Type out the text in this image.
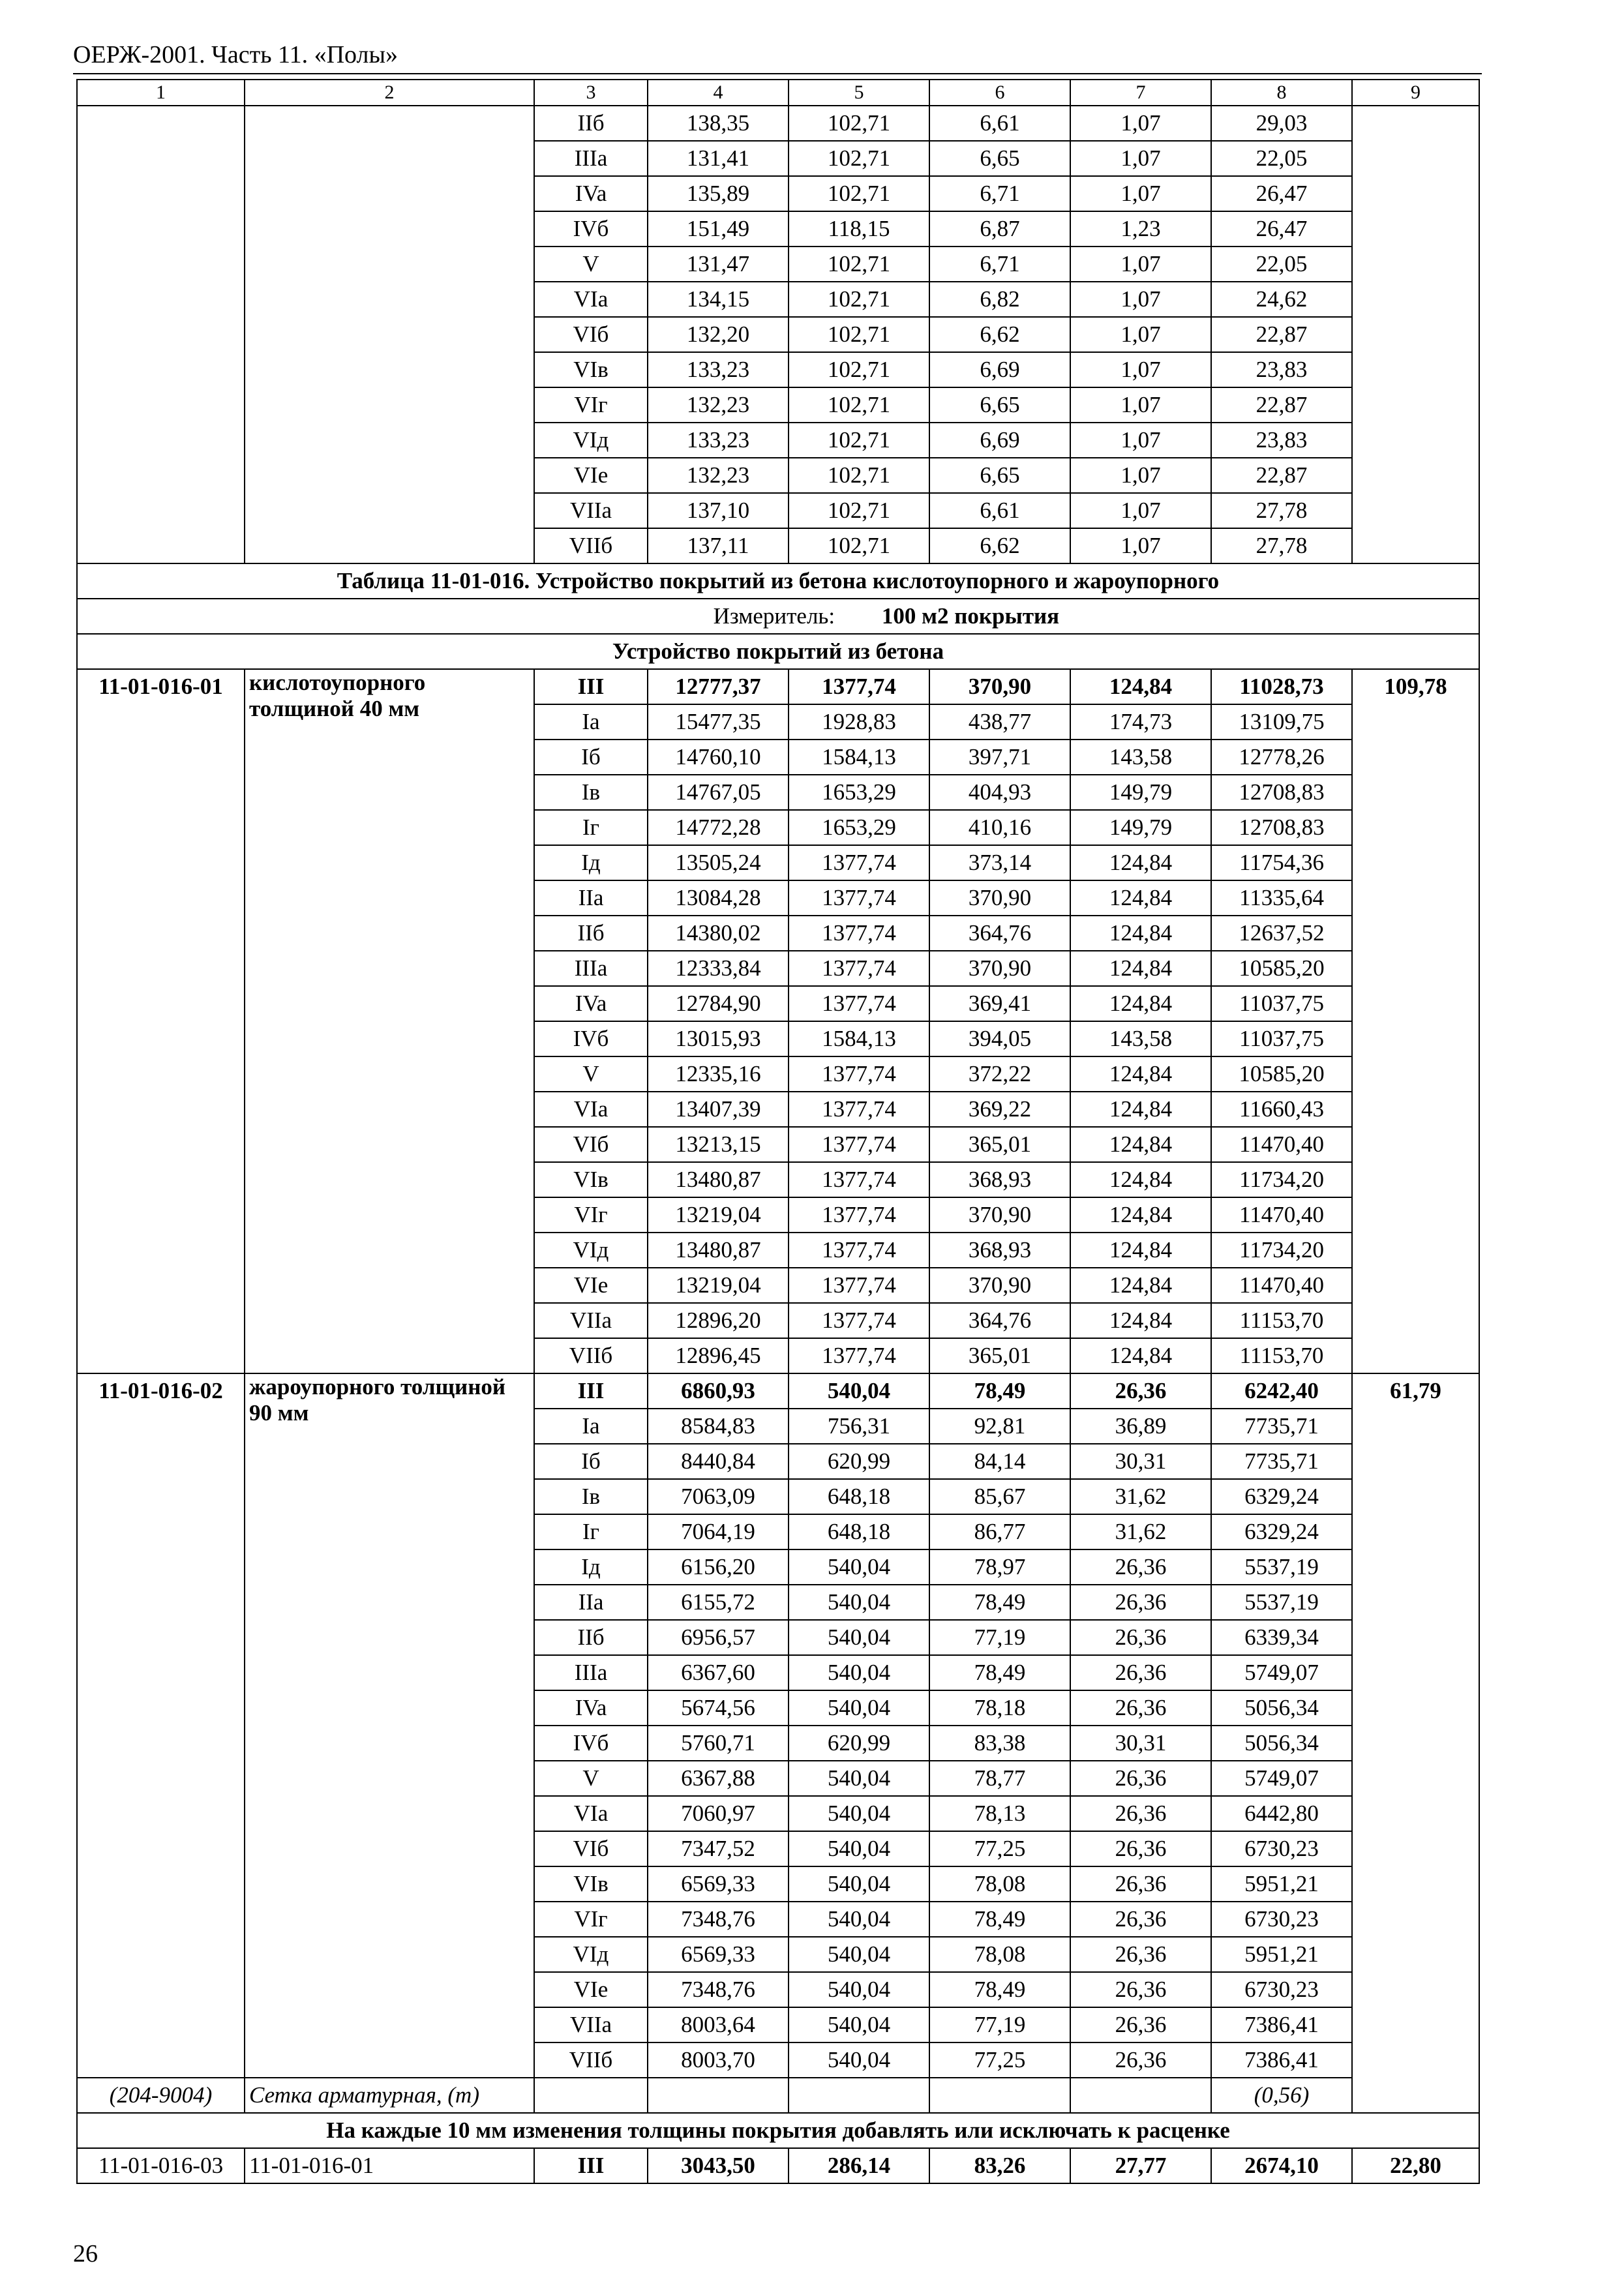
ОЕРЖ-2001. Часть 11. «Полы»
1	2	3	4	5	6	7	8	9
		IIб	138,35	102,71	6,61	1,07	29,03	
		IIIa	131,41	102,71	6,65	1,07	22,05	
		IVa	135,89	102,71	6,71	1,07	26,47	
		IVб	151,49	118,15	6,87	1,23	26,47	
		V	131,47	102,71	6,71	1,07	22,05	
		VIa	134,15	102,71	6,82	1,07	24,62	
		VIб	132,20	102,71	6,62	1,07	22,87	
		VIв	133,23	102,71	6,69	1,07	23,83	
		VIг	132,23	102,71	6,65	1,07	22,87	
		VIд	133,23	102,71	6,69	1,07	23,83	
		VIe	132,23	102,71	6,65	1,07	22,87	
		VIIa	137,10	102,71	6,61	1,07	27,78	
		VIIб	137,11	102,71	6,62	1,07	27,78	
Таблица 11-01-016. Устройство покрытий из бетона кислотоупорного и жароупорного								
Измеритель: 100 м2 покрытия								
Устройство покрытий из бетона								
11-01-016-01	кислотоупорного толщиной 40 мм	III	12777,37	1377,74	370,90	124,84	11028,73	109,78
		Ia	15477,35	1928,83	438,77	174,73	13109,75	
		Iб	14760,10	1584,13	397,71	143,58	12778,26	
		Iв	14767,05	1653,29	404,93	149,79	12708,83	
		Iг	14772,28	1653,29	410,16	149,79	12708,83	
		Iд	13505,24	1377,74	373,14	124,84	11754,36	
		IIa	13084,28	1377,74	370,90	124,84	11335,64	
		IIб	14380,02	1377,74	364,76	124,84	12637,52	
		IIIa	12333,84	1377,74	370,90	124,84	10585,20	
		IVa	12784,90	1377,74	369,41	124,84	11037,75	
		IVб	13015,93	1584,13	394,05	143,58	11037,75	
		V	12335,16	1377,74	372,22	124,84	10585,20	
		VIa	13407,39	1377,74	369,22	124,84	11660,43	
		VIб	13213,15	1377,74	365,01	124,84	11470,40	
		VIв	13480,87	1377,74	368,93	124,84	11734,20	
		VIг	13219,04	1377,74	370,90	124,84	11470,40	
		VIд	13480,87	1377,74	368,93	124,84	11734,20	
		VIe	13219,04	1377,74	370,90	124,84	11470,40	
		VIIa	12896,20	1377,74	364,76	124,84	11153,70	
		VIIб	12896,45	1377,74	365,01	124,84	11153,70	
11-01-016-02	жароупорного толщиной 90 мм	III	6860,93	540,04	78,49	26,36	6242,40	61,79
		Ia	8584,83	756,31	92,81	36,89	7735,71	
		Iб	8440,84	620,99	84,14	30,31	7735,71	
		Iв	7063,09	648,18	85,67	31,62	6329,24	
		Iг	7064,19	648,18	86,77	31,62	6329,24	
		Iд	6156,20	540,04	78,97	26,36	5537,19	
		IIa	6155,72	540,04	78,49	26,36	5537,19	
		IIб	6956,57	540,04	77,19	26,36	6339,34	
		IIIa	6367,60	540,04	78,49	26,36	5749,07	
		IVa	5674,56	540,04	78,18	26,36	5056,34	
		IVб	5760,71	620,99	83,38	30,31	5056,34	
		V	6367,88	540,04	78,77	26,36	5749,07	
		VIa	7060,97	540,04	78,13	26,36	6442,80	
		VIб	7347,52	540,04	77,25	26,36	6730,23	
		VIв	6569,33	540,04	78,08	26,36	5951,21	
		VIг	7348,76	540,04	78,49	26,36	6730,23	
		VIд	6569,33	540,04	78,08	26,36	5951,21	
		VIe	7348,76	540,04	78,49	26,36	6730,23	
		VIIa	8003,64	540,04	77,19	26,36	7386,41	
		VIIб	8003,70	540,04	77,25	26,36	7386,41	
(204-9004)	Сетка арматурная, (т)						(0,56)	
На каждые 10 мм изменения толщины покрытия добавлять или исключать к расценке								
11-01-016-03	11-01-016-01	III	3043,50	286,14	83,26	27,77	2674,10	22,80
26
